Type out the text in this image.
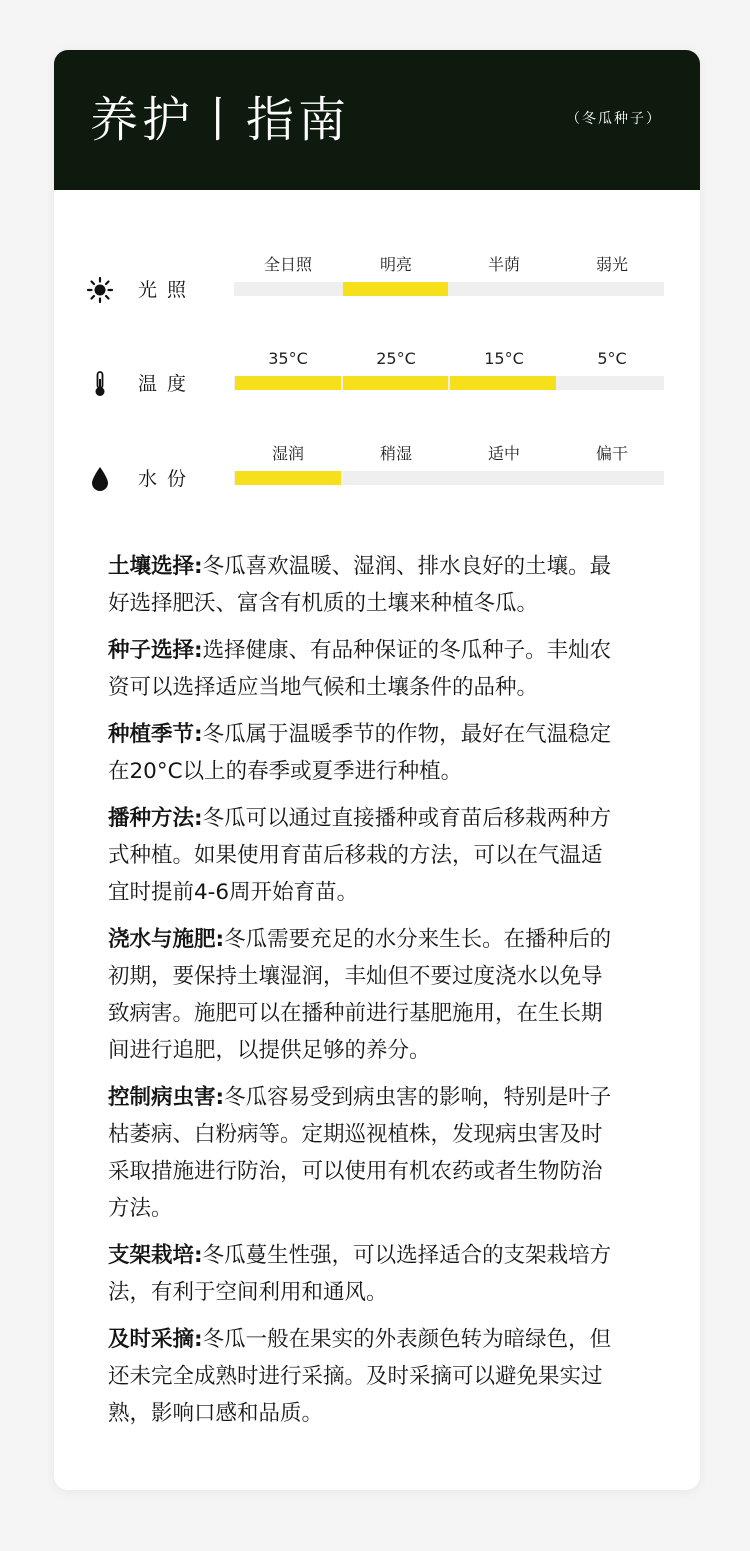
养护丨指南	（冬瓜种子）
光照
全日照	明亮	半荫	弱光
温度
35°C	25°C	15°C	5°C
水份
湿润	稍湿	适中	偏干

土壤选择:冬瓜喜欢温暖、湿润、排水良好的土壤。最
好选择肥沃、富含有机质的土壤来种植冬瓜。

种子选择:选择健康、有品种保证的冬瓜种子。丰灿农
资可以选择适应当地气候和土壤条件的品种。

种植季节:冬瓜属于温暖季节的作物，最好在气温稳定
在20°C以上的春季或夏季进行种植。

播种方法:冬瓜可以通过直接播种或育苗后移栽两种方
式种植。如果使用育苗后移栽的方法，可以在气温适
宜时提前4-6周开始育苗。

浇水与施肥:冬瓜需要充足的水分来生长。在播种后的
初期，要保持土壤湿润，丰灿但不要过度浇水以免导
致病害。施肥可以在播种前进行基肥施用，在生长期
间进行追肥，以提供足够的养分。

控制病虫害:冬瓜容易受到病虫害的影响，特别是叶子
枯萎病、白粉病等。定期巡视植株，发现病虫害及时
采取措施进行防治，可以使用有机农药或者生物防治
方法。

支架栽培:冬瓜蔓生性强，可以选择适合的支架栽培方
法，有利于空间利用和通风。

及时采摘:冬瓜一般在果实的外表颜色转为暗绿色，但
还未完全成熟时进行采摘。及时采摘可以避免果实过
熟，影响口感和品质。
